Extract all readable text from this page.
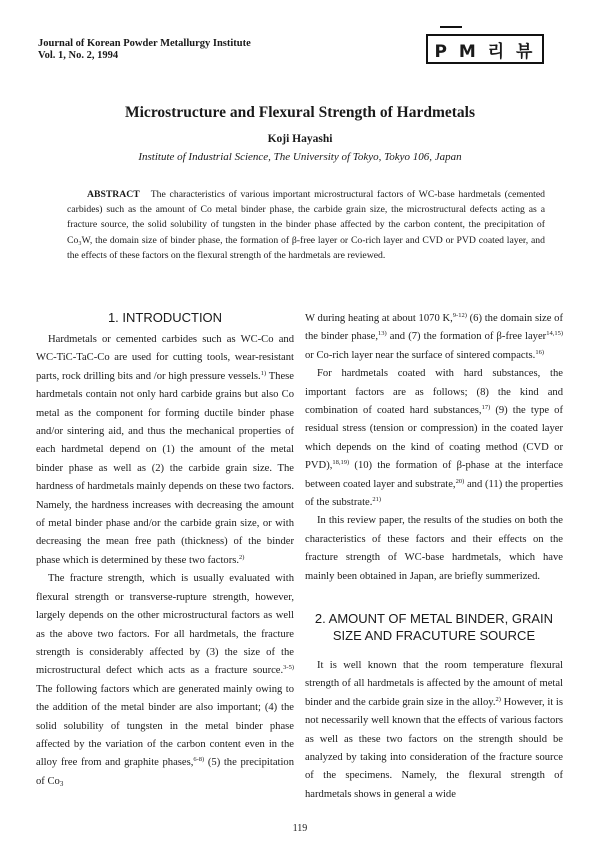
Journal of Korean Powder Metallurgy Institute
Vol. 1, No. 2, 1994	P M 리 뷰
Microstructure and Flexural Strength of Hardmetals
Koji Hayashi
Institute of Industrial Science, The University of Tokyo, Tokyo 106, Japan
ABSTRACT The characteristics of various important microstructural factors of WC-base hardmetals (cemented carbides) such as the amount of Co metal binder phase, the carbide grain size, the microstructural defects acting as a fracture source, the solid solubility of tungsten in the binder phase affected by the carbon content, the precipitation of Co₃W, the domain size of binder phase, the formation of β-free layer or Co-rich layer and CVD or PVD coated layer, and the effects of these factors on the flexural strength of the hardmetals are reviewed.
1. INTRODUCTION

Hardmetals or cemented carbides such as WC-Co and WC-TiC-TaC-Co are used for cutting tools, wear-resistant parts, rock drilling bits and /or high pressure vessels.$^{1)}$ These hardmetals contain not only hard carbide grains but also Co metal as the component for forming ductile binder phase and/or sintering aid, and thus the mechanical properties of each hardmetal depend on (1) the amount of the metal binder phase as well as (2) the carbide grain size. The hardness of hardmetals mainly depends on these two factors. Namely, the hardness increases with decreasing the amount of metal binder phase and/or the carbide grain size, or with decreasing the mean free path (thickness) of the binder phase which is determined by these two factors.$^{2)}$

The fracture strength, which is usually evaluated with flexural strength or transverse-rupture strength, however, largely depends on the other microstructural factors as well as the above two factors. For all hardmetals, the fracture strength is considerably affected by (3) the size of the microstructural defect which acts as a fracture source.$^{3-5)}$ The following factors which are generated mainly owing to the addition of the metal binder are also important; (4) the solid solubility of tungsten in the metal binder phase affected by the variation of the carbon content even in the alloy free from and graphite phases,$^{6-8)}$ (5) the precipitation of $Co_3$

W during heating at about 1070 K,$^{9-12)}$ (6) the domain size of the binder phase,$^{13)}$ and (7) the formation of β-free layer$^{14,15)}$ or Co-rich layer near the surface of sintered compacts.$^{16)}$

For hardmetals coated with hard substances, the important factors are as follows; (8) the kind and combination of coated hard substances,$^{17)}$ (9) the type of residual stress (tension or compression) in the coated layer which depends on the kind of coating method (CVD or PVD),$^{18,19)}$ (10) the formation of β-phase at the interface between coated layer and substrate,$^{20)}$ and (11) the properties of the substrate.$^{21)}$

In this review paper, the results of the studies on both the characteristics of these factors and their effects on the fracture strength of WC-base hardmetals, which have mainly been obtained in Japan, are briefly summerized.

2. AMOUNT OF METAL BINDER, GRAIN
SIZE AND FRACUTURE SOURCE

It is well known that the room temperature flexural strength of all hardmetals is affected by the amount of metal binder and the carbide grain size in the alloy.$^{2)}$ However, it is not necessarily well known that the effects of various factors as well as these two factors on the strength should be analyzed by taking into consideration of the fracture source of the specimens. Namely, the flexural strength of hardmetals shows in general a wide

119
